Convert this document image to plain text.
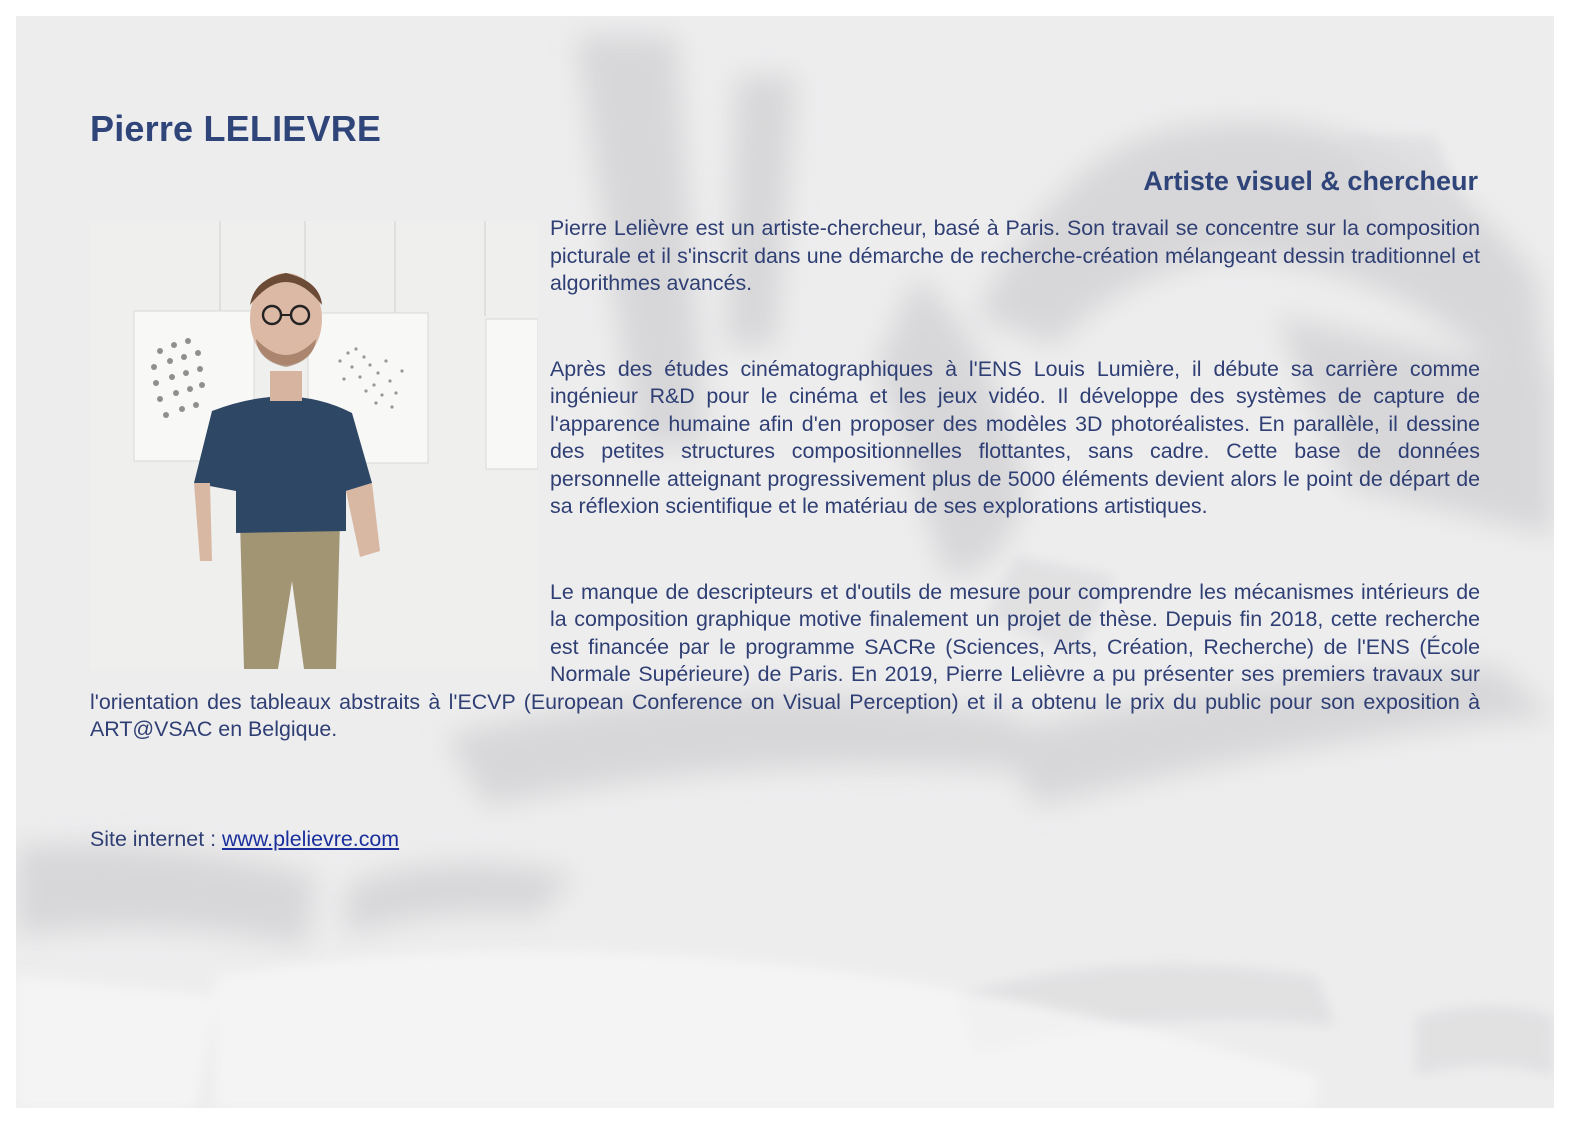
Pierre LELIEVRE
Artiste visuel & chercheur

Pierre Lelièvre est un artiste-chercheur, basé à Paris. Son travail se concentre sur la composition picturale et il s'inscrit dans une démarche de recherche-création mélangeant dessin traditionnel et algorithmes avancés.

Après des études cinématographiques à l'ENS Louis Lumière, il débute sa carrière comme ingénieur R&D pour le cinéma et les jeux vidéo. Il développe des systèmes de capture de l'apparence humaine afin d'en proposer des modèles 3D photoréalistes. En parallèle, il dessine des petites structures compositionnelles flottantes, sans cadre. Cette base de données personnelle atteignant progressivement plus de 5000 éléments devient alors le point de départ de sa réflexion scientifique et le matériau de ses explorations artistiques.

Le manque de descripteurs et d'outils de mesure pour comprendre les mécanismes intérieurs de la composition graphique motive finalement un projet de thèse. Depuis fin 2018, cette recherche est financée par le programme SACRe (Sciences, Arts, Création, Recherche) de l'ENS (École Normale Supérieure) de Paris. En 2019, Pierre Lelièvre a pu présenter ses premiers travaux sur l'orientation des tableaux abstraits à l'ECVP (European Conference on Visual Perception) et il a obtenu le prix du public pour son exposition à ART@VSAC en Belgique.

Site internet : www.plelievre.com
